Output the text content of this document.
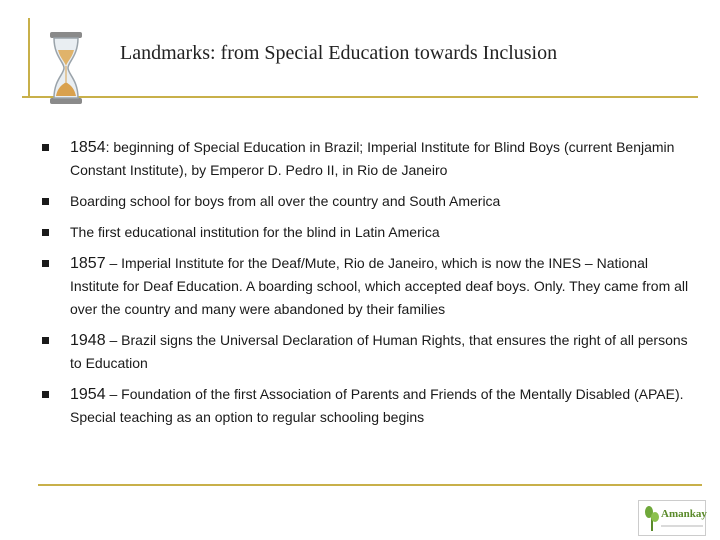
Landmarks: from Special Education towards Inclusion
1854: beginning of Special Education in Brazil; Imperial Institute for Blind Boys (current Benjamin Constant Institute), by Emperor D. Pedro II, in Rio de Janeiro
Boarding school for boys from all over the country and South America
The first educational institution for the blind in Latin America
1857 – Imperial Institute for the Deaf/Mute, Rio de Janeiro, which is now the INES – National Institute for Deaf Education. A boarding school, which accepted deaf boys. Only. They came from all over the country and many were abandoned by their families
1948 – Brazil signs the Universal Declaration of Human Rights, that ensures the right of all persons to Education
1954 – Foundation of the first Association of Parents and Friends of the Mentally Disabled (APAE). Special teaching as an option to regular schooling begins
Amankay
